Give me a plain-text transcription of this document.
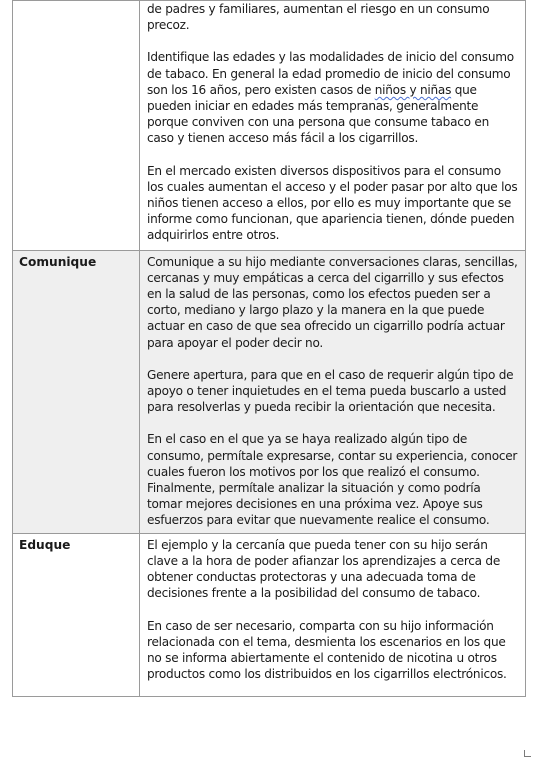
	de padres y familiares, aumentan el riesgo en un consumo precoz.

Identifique las edades y las modalidades de inicio del consumo de tabaco. En general la edad promedio de inicio del consumo son los 16 años, pero existen casos de niños y niñas que pueden iniciar en edades más tempranas, generalmente porque conviven con una persona que consume tabaco en caso y tienen acceso más fácil a los cigarrillos.

En el mercado existen diversos dispositivos para el consumo los cuales aumentan el acceso y el poder pasar por alto que los niños tienen acceso a ellos, por ello es muy importante que se informe como funcionan, que apariencia tienen, dónde pueden adquirirlos entre otros.

Comunique	Comunique a su hijo mediante conversaciones claras, sencillas, cercanas y muy empáticas a cerca del cigarrillo y sus efectos en la salud de las personas, como los efectos pueden ser a corto, mediano y largo plazo y la manera en la que puede actuar en caso de que sea ofrecido un cigarrillo podría actuar para apoyar el poder decir no.

Genere apertura, para que en el caso de requerir algún tipo de apoyo o tener inquietudes en el tema pueda buscarlo a usted para resolverlas y pueda recibir la orientación que necesita.

En el caso en el que ya se haya realizado algún tipo de consumo, permítale expresarse, contar su experiencia, conocer cuales fueron los motivos por los que realizó el consumo. Finalmente, permítale analizar la situación y como podría tomar mejores decisiones en una próxima vez. Apoye sus esfuerzos para evitar que nuevamente realice el consumo.

Eduque	El ejemplo y la cercanía que pueda tener con su hijo serán clave a la hora de poder afianzar los aprendizajes a cerca de obtener conductas protectoras y una adecuada toma de decisiones frente a la posibilidad del consumo de tabaco.

En caso de ser necesario, comparta con su hijo información relacionada con el tema, desmienta los escenarios en los que no se informa abiertamente el contenido de nicotina u otros productos como los distribuidos en los cigarrillos electrónicos.
